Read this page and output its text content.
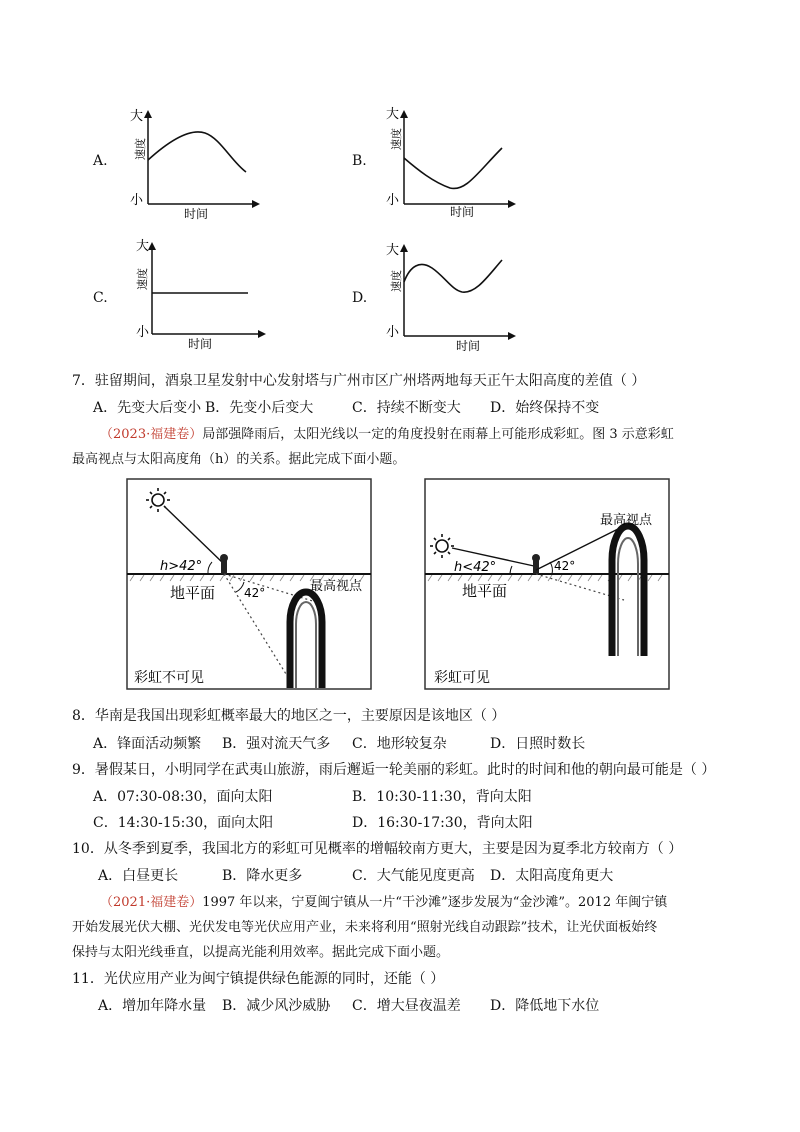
A.
大
小
速度
时间
B.
大
小
速度
时间
C.
大
小
速度
时间
D.
大
小
速度
时间
7．驻留期间，酒泉卫星发射中心发射塔与广州市区广州塔两地每天正午太阳高度的差值（ ）
A．先变大后变小 B．先变小后变大	C．持续不断变大 D．始终保持不变
（2023·福建卷）局部强降雨后，太阳光线以一定的角度投射在雨幕上可能形成彩虹。图 3 示意彩虹
最高视点与太阳高度角（h）的关系。据此完成下面小题。
h>42°
42°
地平面	最高视点
彩虹不可见
h<42°	42°
地平面
最高视点
彩虹可见
8．华南是我国出现彩虹概率最大的地区之一，主要原因是该地区（ ）
A．锋面活动频繁 B．强对流天气多 C．地形较复杂	D．日照时数长
9．暑假某日，小明同学在武夷山旅游，雨后邂逅一轮美丽的彩虹。此时的时间和他的朝向最可能是（ ）
A．07:30-08:30，面向太阳	B．10:30-11:30，背向太阳
C．14:30-15:30，面向太阳	D．16:30-17:30，背向太阳
10．从冬季到夏季，我国北方的彩虹可见概率的增幅较南方更大，主要是因为夏季北方较南方（ ）
A．白昼更长	B．降水更多	C．大气能见度更高 D．太阳高度角更大
（2021·福建卷）1997 年以来，宁夏闽宁镇从一片“干沙滩”逐步发展为“金沙滩”。2012 年闽宁镇
开始发展光伏大棚、光伏发电等光伏应用产业，未来将利用“照射光线自动跟踪”技术，让光伏面板始终
保持与太阳光线垂直，以提高光能利用效率。据此完成下面小题。
11．光伏应用产业为闽宁镇提供绿色能源的同时，还能（ ）
A．增加年降水量 B．减少风沙威胁 C．增大昼夜温差 D．降低地下水位
